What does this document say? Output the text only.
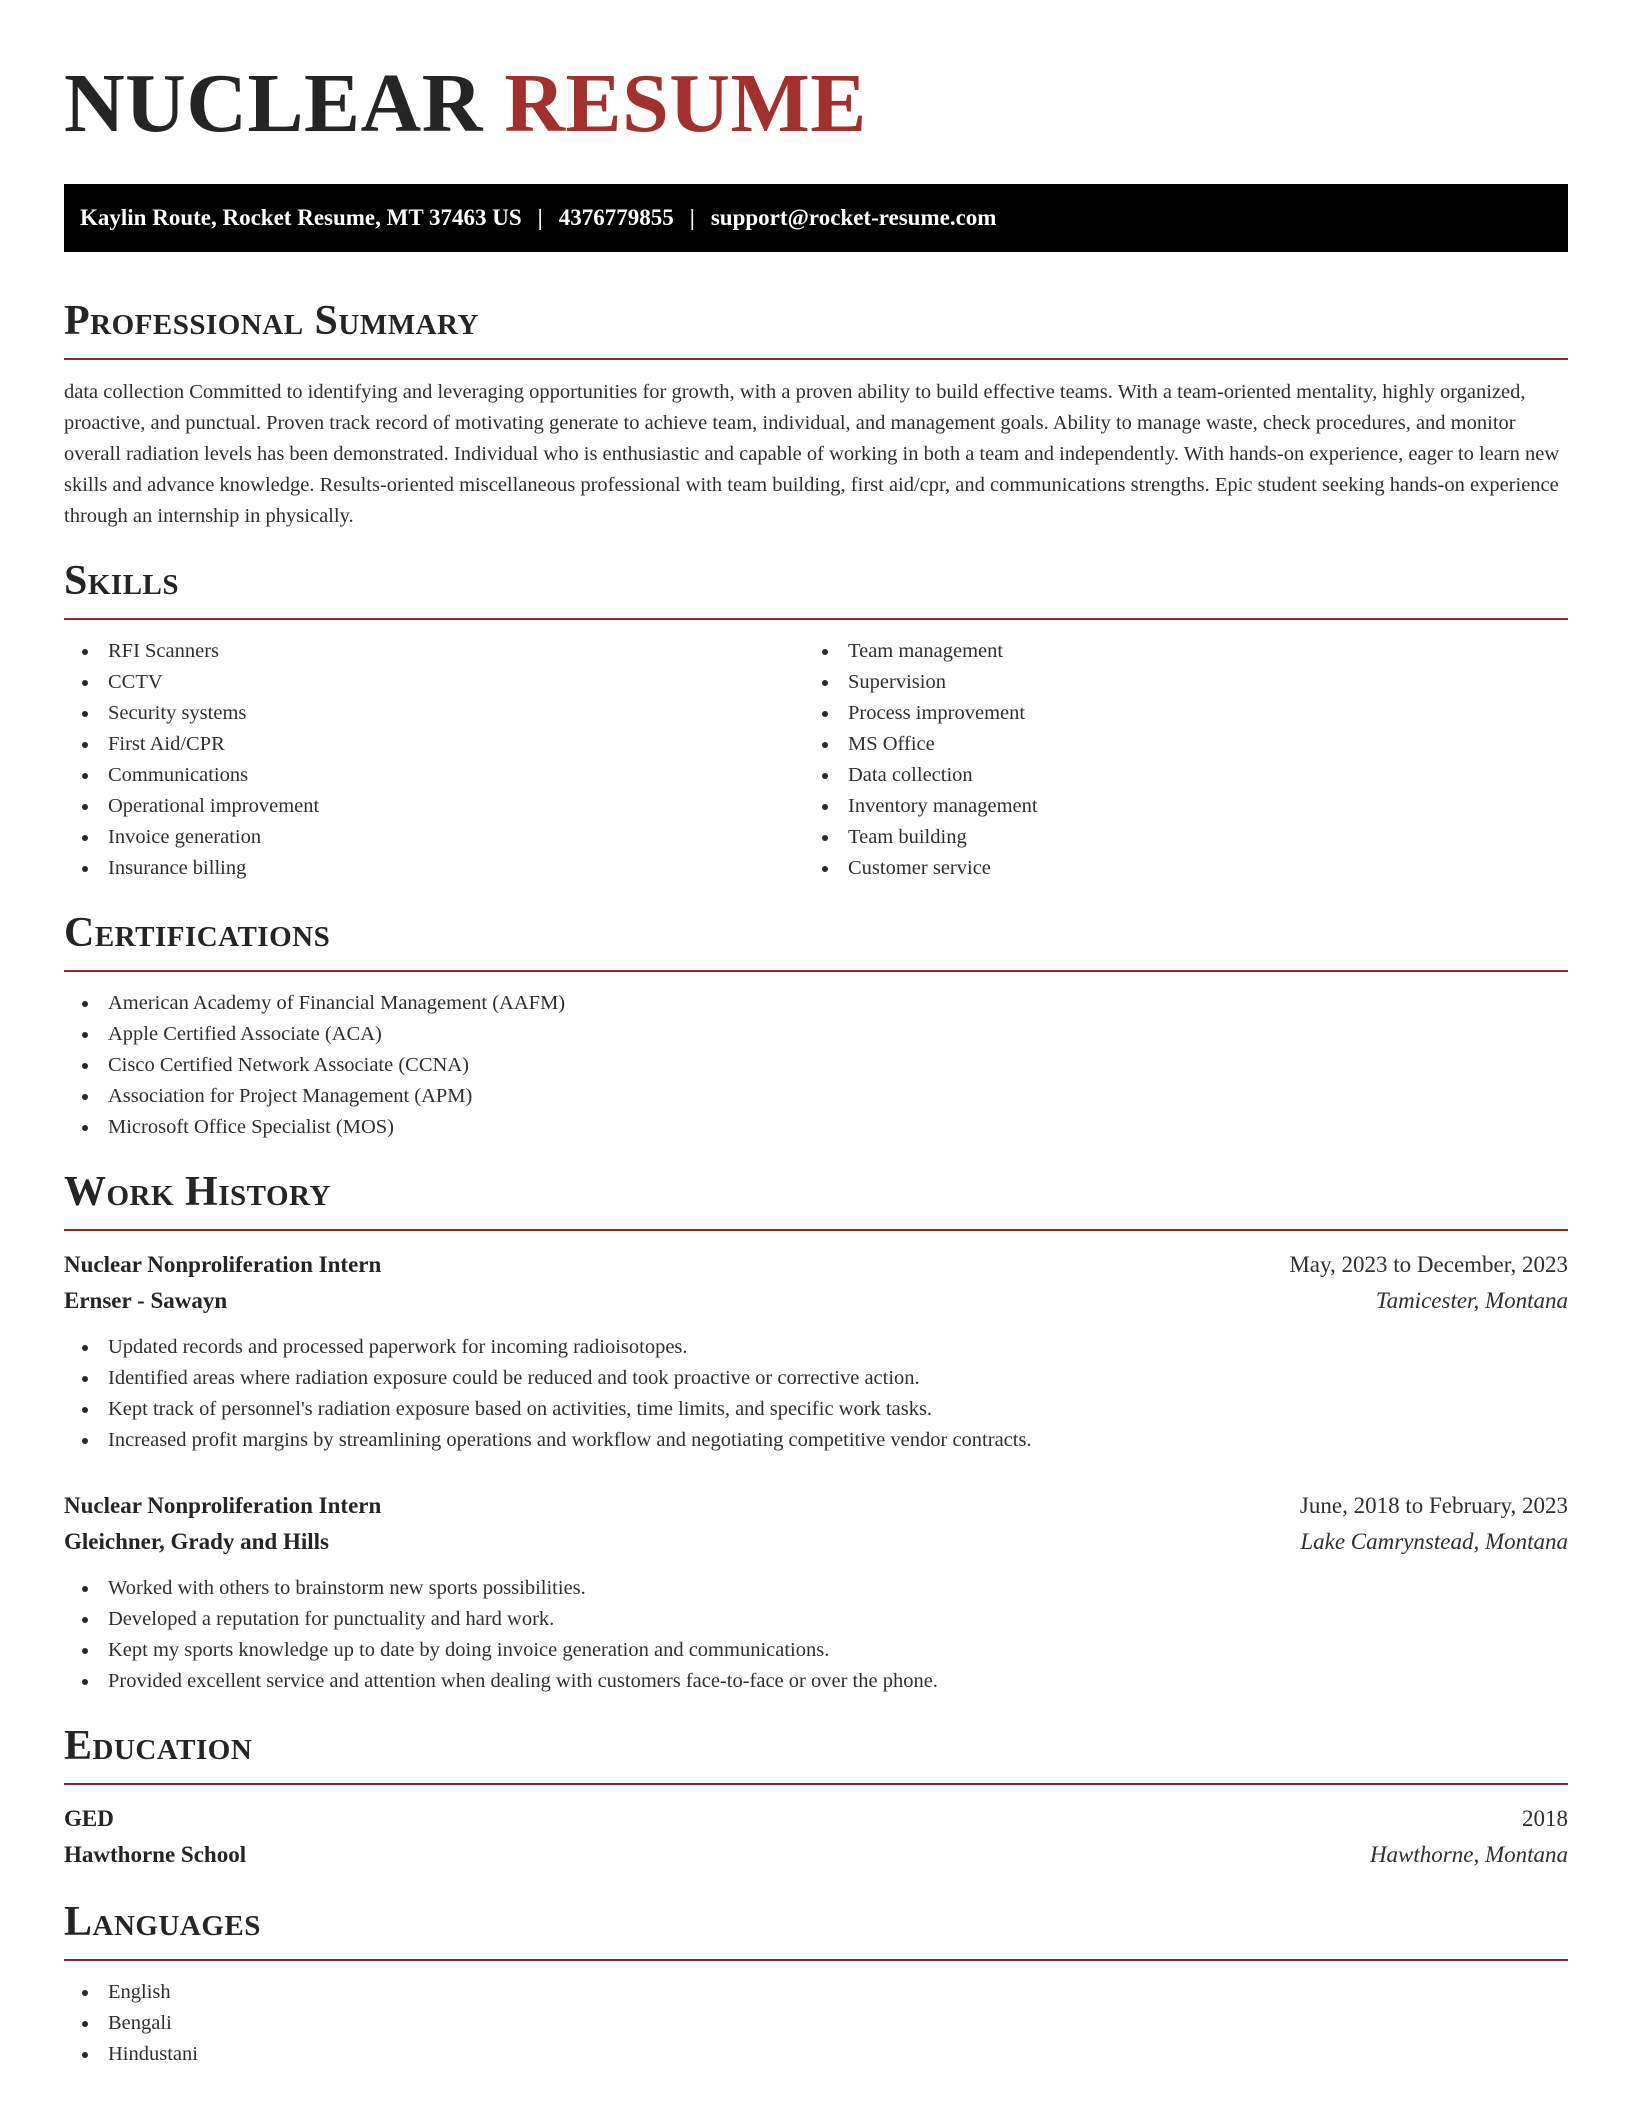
NUCLEAR RESUME
Kaylin Route, Rocket Resume, MT 37463 US | 4376779855 | support@rocket-resume.com
Professional Summary

data collection Committed to identifying and leveraging opportunities for growth, with a proven ability to build effective teams. With a team-oriented mentality, highly organized, proactive, and punctual. Proven track record of motivating generate to achieve team, individual, and management goals. Ability to manage waste, check procedures, and monitor overall radiation levels has been demonstrated. Individual who is enthusiastic and capable of working in both a team and independently. With hands-on experience, eager to learn new skills and advance knowledge. Results-oriented miscellaneous professional with team building, first aid/cpr, and communications strengths. Epic student seeking hands-on experience through an internship in physically.

Skills
RFI Scanners
CCTV
Security systems
First Aid/CPR
Communications
Operational improvement
Invoice generation
Insurance billing
Team management
Supervision
Process improvement
MS Office
Data collection
Inventory management
Team building
Customer service
Certifications
American Academy of Financial Management (AAFM)
Apple Certified Associate (ACA)
Cisco Certified Network Associate (CCNA)
Association for Project Management (APM)
Microsoft Office Specialist (MOS)
Work History
Nuclear Nonproliferation Intern	May, 2023 to December, 2023
Ernser - Sawayn	Tamicester, Montana
Updated records and processed paperwork for incoming radioisotopes.
Identified areas where radiation exposure could be reduced and took proactive or corrective action.
Kept track of personnel's radiation exposure based on activities, time limits, and specific work tasks.
Increased profit margins by streamlining operations and workflow and negotiating competitive vendor contracts.
Nuclear Nonproliferation Intern	June, 2018 to February, 2023
Gleichner, Grady and Hills	Lake Camrynstead, Montana
Worked with others to brainstorm new sports possibilities.
Developed a reputation for punctuality and hard work.
Kept my sports knowledge up to date by doing invoice generation and communications.
Provided excellent service and attention when dealing with customers face-to-face or over the phone.
Education
GED	2018
Hawthorne School	Hawthorne, Montana
Languages
English
Bengali
Hindustani
